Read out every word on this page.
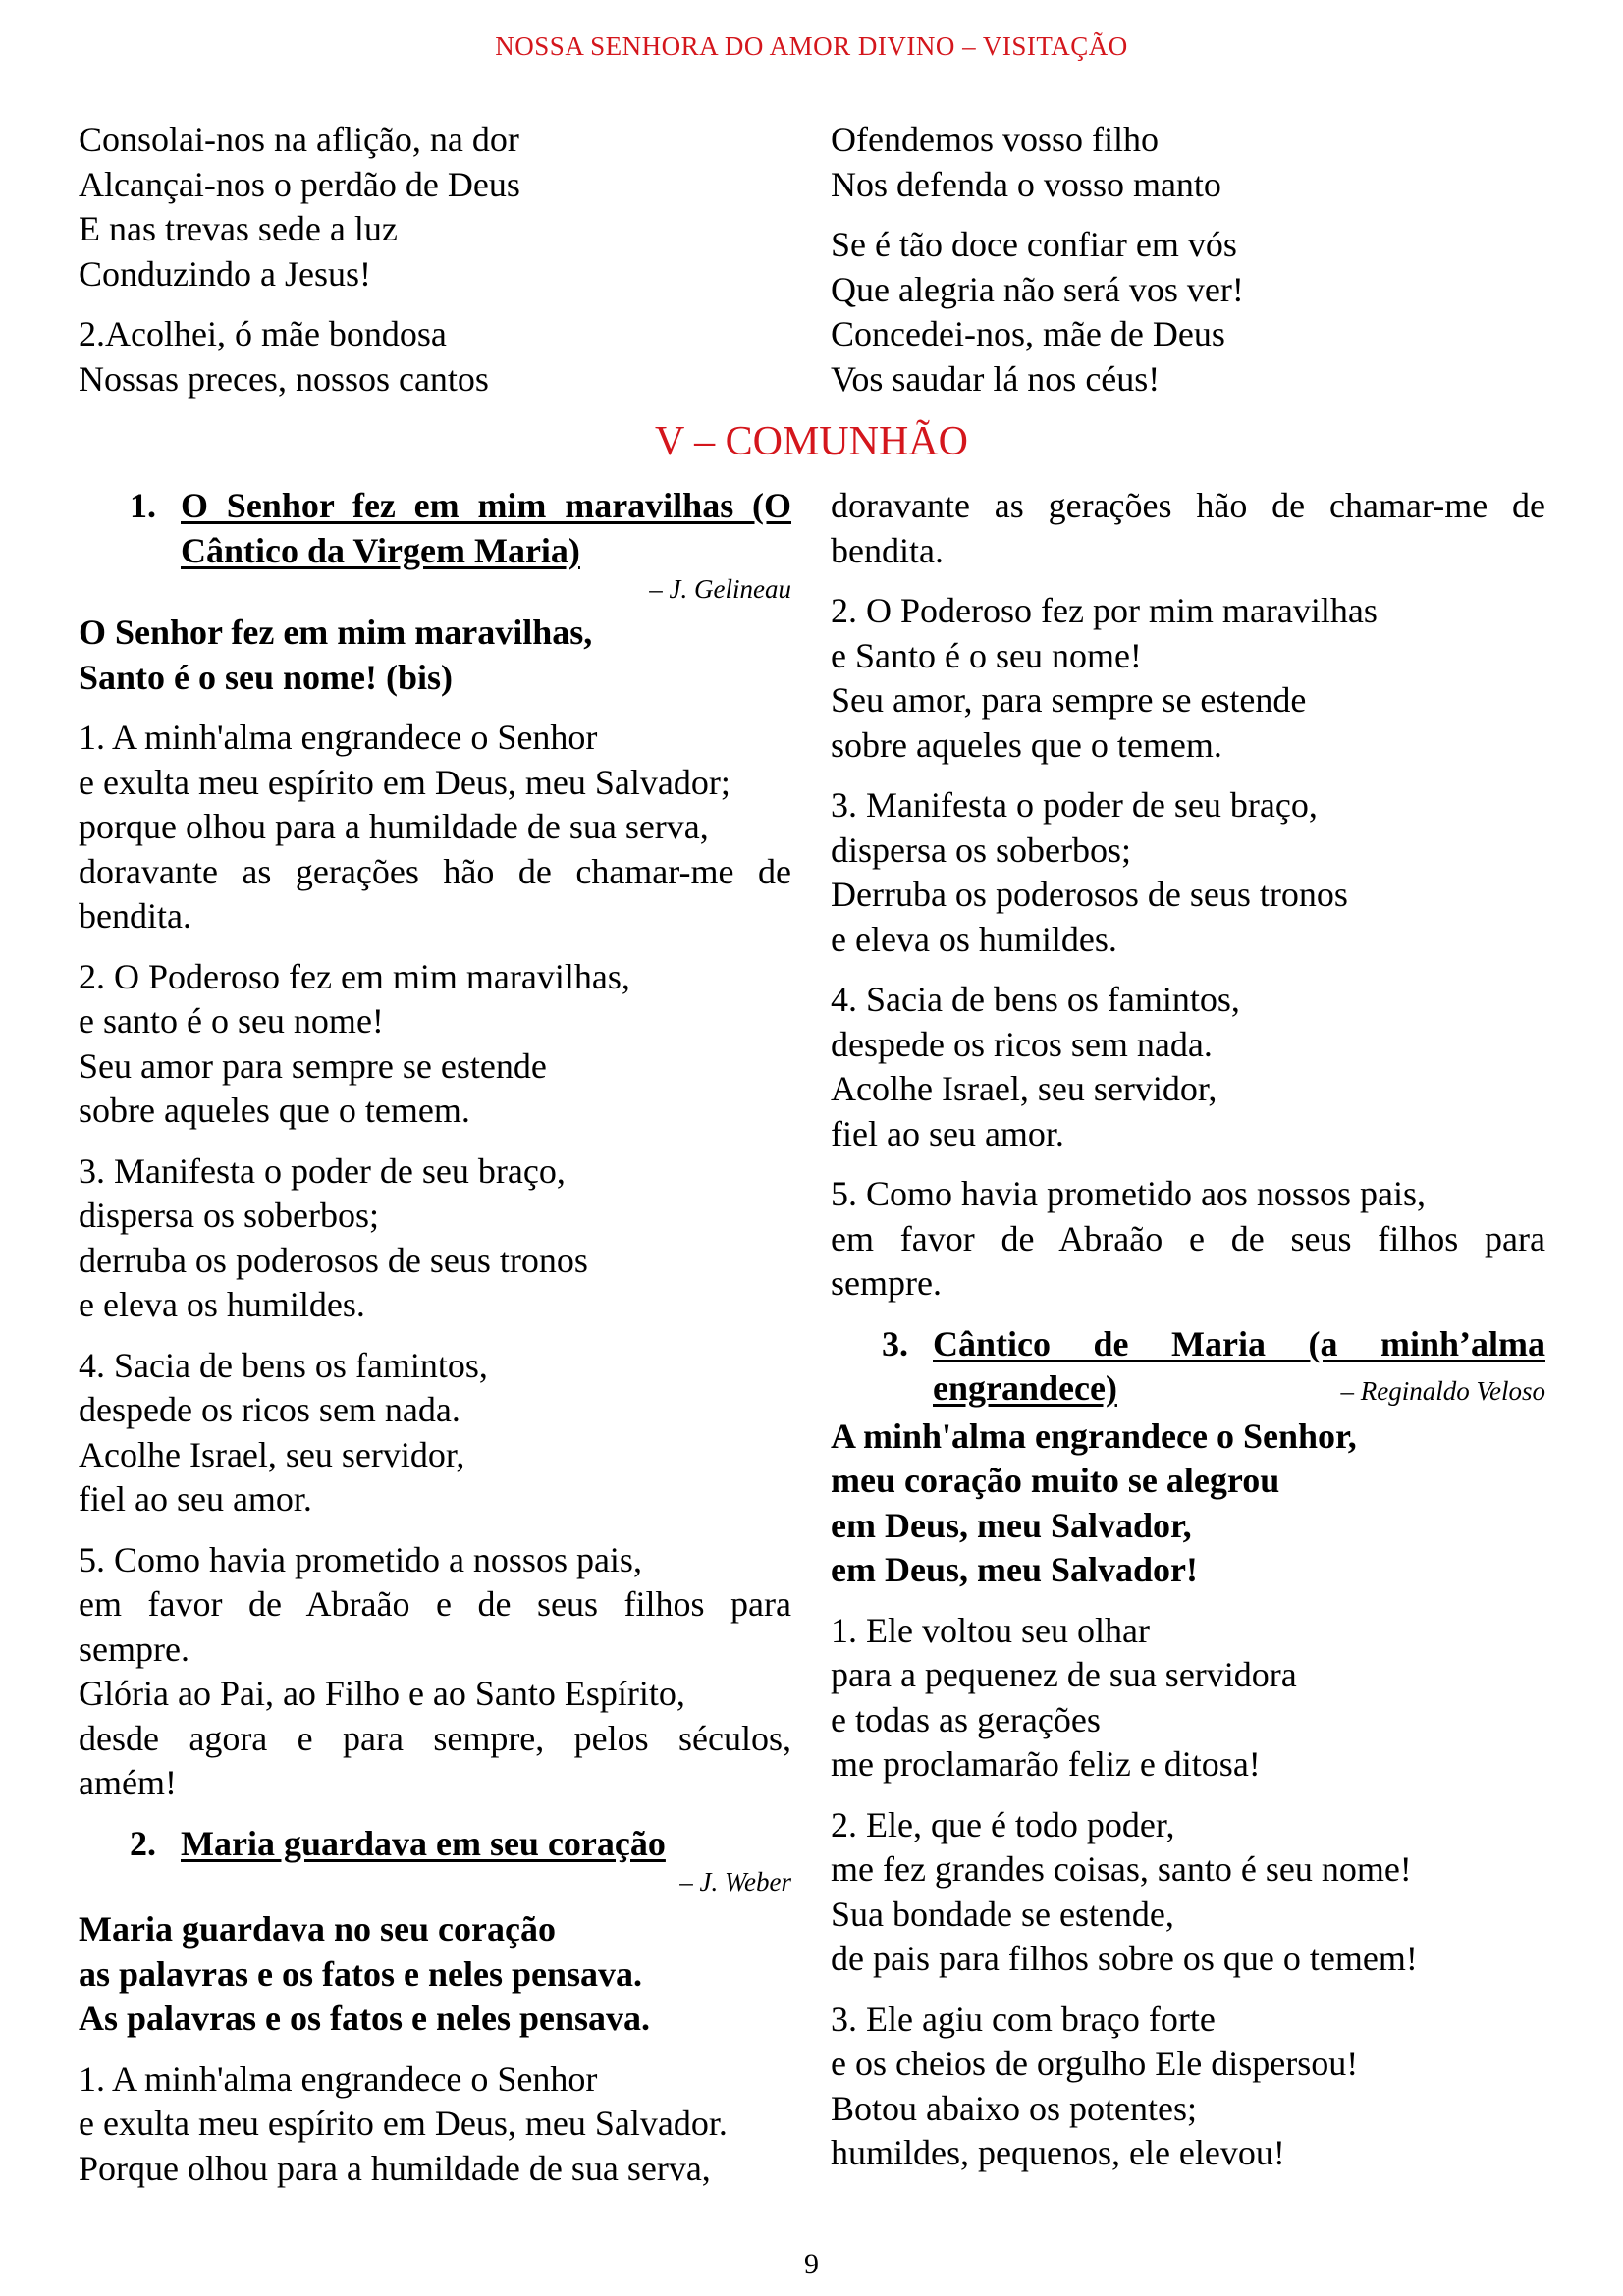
NOSSA SENHORA DO AMOR DIVINO – VISITAÇÃO
Consolai-nos na aflição, na dor
Alcançai-nos o perdão de Deus
E nas trevas sede a luz
Conduzindo a Jesus!
2.Acolhei, ó mãe bondosa
Nossas preces, nossos cantos
Ofendemos vosso filho
Nos defenda o vosso manto
Se é tão doce confiar em vós
Que alegria não será vos ver!
Concedei-nos, mãe de Deus
Vos saudar lá nos céus!
V – COMUNHÃO
1. O Senhor fez em mim maravilhas (O
Cântico da Virgem Maria)
– J. Gelineau
O Senhor fez em mim maravilhas,
Santo é o seu nome! (bis)
1. A minh'alma engrandece o Senhor
e exulta meu espírito em Deus, meu Salvador;
porque olhou para a humildade de sua serva,
doravante as gerações hão de chamar-me de
bendita.
2. O Poderoso fez em mim maravilhas,
e santo é o seu nome!
Seu amor para sempre se estende
sobre aqueles que o temem.
3. Manifesta o poder de seu braço,
dispersa os soberbos;
derruba os poderosos de seus tronos
e eleva os humildes.
4. Sacia de bens os famintos,
despede os ricos sem nada.
Acolhe Israel, seu servidor,
fiel ao seu amor.
5. Como havia prometido a nossos pais,
em favor de Abraão e de seus filhos para
sempre.
Glória ao Pai, ao Filho e ao Santo Espírito,
desde agora e para sempre, pelos séculos,
amém!
2. Maria guardava em seu coração
– J. Weber
Maria guardava no seu coração
as palavras e os fatos e neles pensava.
As palavras e os fatos e neles pensava.
1. A minh'alma engrandece o Senhor
e exulta meu espírito em Deus, meu Salvador.
Porque olhou para a humildade de sua serva,
doravante as gerações hão de chamar-me de
bendita.
2. O Poderoso fez por mim maravilhas
e Santo é o seu nome!
Seu amor, para sempre se estende
sobre aqueles que o temem.
3. Manifesta o poder de seu braço,
dispersa os soberbos;
Derruba os poderosos de seus tronos
e eleva os humildes.
4. Sacia de bens os famintos,
despede os ricos sem nada.
Acolhe Israel, seu servidor,
fiel ao seu amor.
5. Como havia prometido aos nossos pais,
em favor de Abraão e de seus filhos para
sempre.
3. Cântico de Maria (a minh’alma
engrandece)	– Reginaldo Veloso
A minh'alma engrandece o Senhor,
meu coração muito se alegrou
em Deus, meu Salvador,
em Deus, meu Salvador!
1. Ele voltou seu olhar
para a pequenez de sua servidora
e todas as gerações
me proclamarão feliz e ditosa!
2. Ele, que é todo poder,
me fez grandes coisas, santo é seu nome!
Sua bondade se estende,
de pais para filhos sobre os que o temem!
3. Ele agiu com braço forte
e os cheios de orgulho Ele dispersou!
Botou abaixo os potentes;
humildes, pequenos, ele elevou!
9
